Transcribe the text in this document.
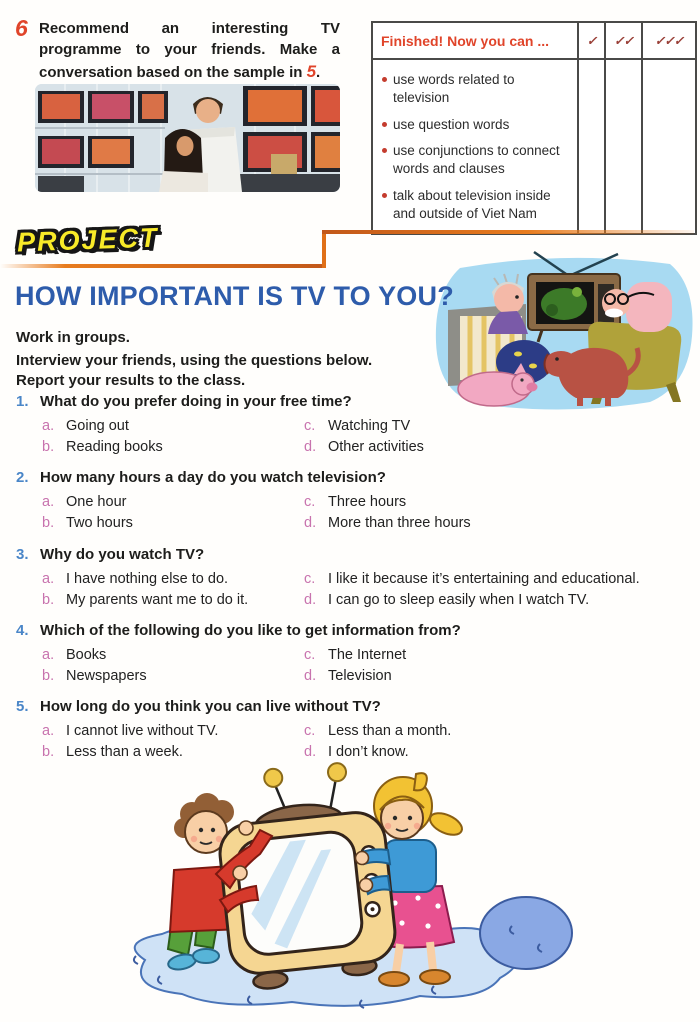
6 Recommend an interesting TV programme to your friends. Make a conversation based on the sample in 5.
Finished! Now you can ...	✓	✓✓	✓✓✓
use words related to television
use question words
use conjunctions to connect words and clauses
talk about television inside and outside of Viet Nam
PROJECT
HOW IMPORTANT IS TV TO YOU?
Work in groups.
Interview your friends, using the questions below.
Report your results to the class.
1. What do you prefer doing in your free time?
a. Going out	c. Watching TV
b. Reading books	d. Other activities
2. How many hours a day do you watch television?
a. One hour	c. Three hours
b. Two hours	d. More than three hours
3. Why do you watch TV?
a. I have nothing else to do.	c. I like it because it’s entertaining and educational.
b. My parents want me to do it.	d. I can go to sleep easily when I watch TV.
4. Which of the following do you like to get information from?
a. Books	c. The Internet
b. Newspapers	d. Television
5. How long do you think you can live without TV?
a. I cannot live without TV.	c. Less than a month.
b. Less than a week.	d. I don’t know.
